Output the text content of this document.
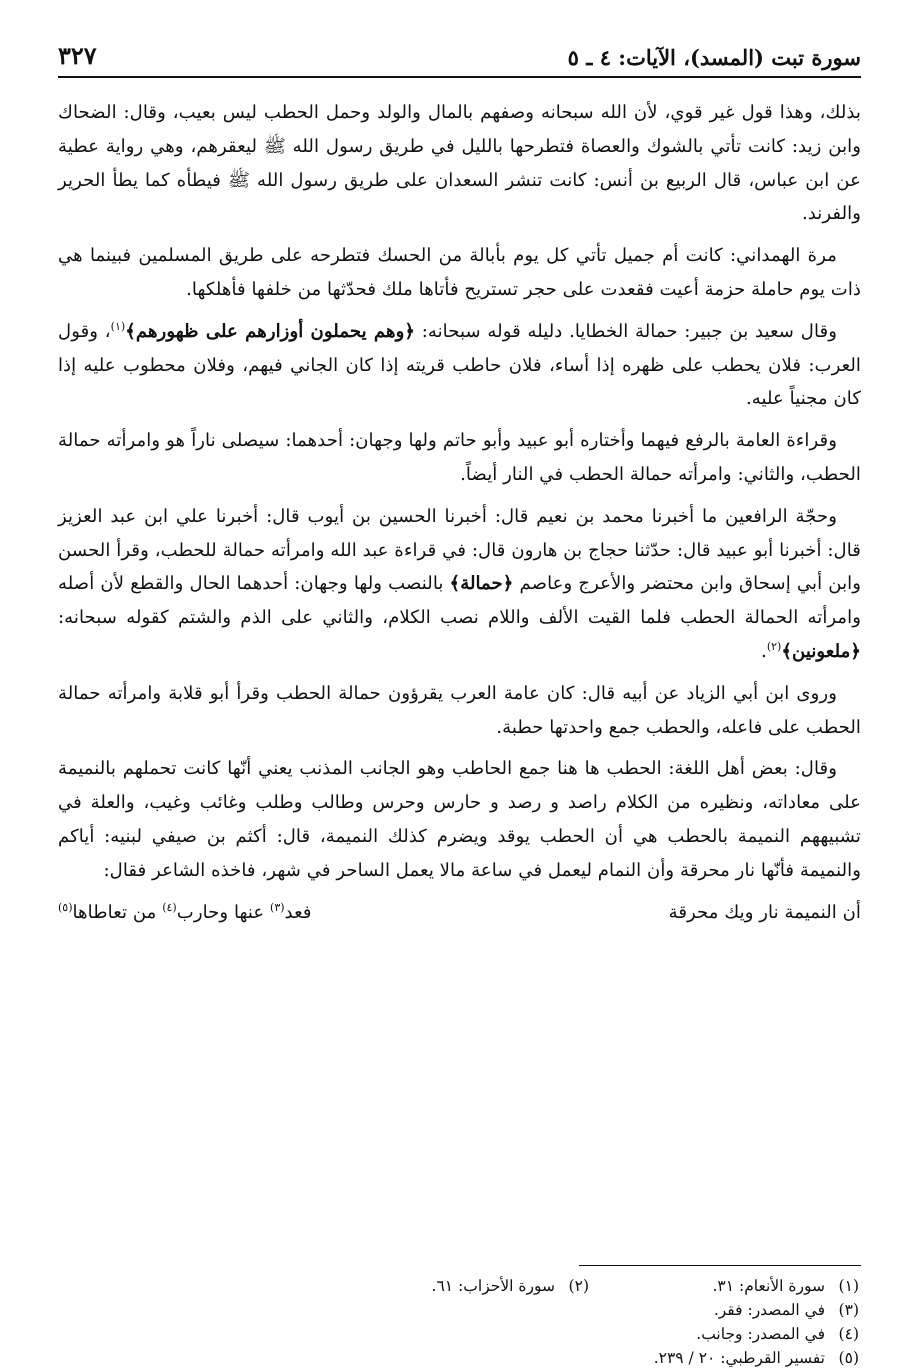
سورة تبت (المسد)، الآيات: ٤ ـ ٥
٣٢٧

بذلك، وهذا قول غير قوي، لأن الله سبحانه وصفهم بالمال والولد وحمل الحطب ليس بعيب، وقال: الضحاك وابن زيد: كانت تأتي بالشوك والعصاة فتطرحها بالليل في طريق رسول الله ﷺ ليعقرهم، وهي رواية عطية عن ابن عباس، قال الربيع بن أنس: كانت تنشر السعدان على طريق رسول الله ﷺ فيطأه كما يطأ الحرير والفرند.

مرة الهمداني: كانت أم جميل تأتي كل يوم بأبالة من الحسك فتطرحه على طريق المسلمين فبينما هي ذات يوم حاملة حزمة أعيت فقعدت على حجر تستريح فأتاها ملك فحدّثها من خلفها فأهلكها.

وقال سعيد بن جبير: حمالة الخطايا. دليله قوله سبحانه: ﴿وهم يحملون أوزارهم على ظهورهم﴾$^{(١)}$، وقول العرب: فلان يحطب على ظهره إذا أساء، فلان حاطب قريته إذا كان الجاني فيهم، وفلان محطوب عليه إذا كان مجنياً عليه.

وقراءة العامة بالرفع فيهما وأختاره أبو عبيد وأبو حاتم ولها وجهان: أحدهما: سيصلى ناراً هو وامرأته حمالة الحطب، والثاني: وامرأته حمالة الحطب في النار أيضاً.

وحجّة الرافعين ما أخبرنا محمد بن نعيم قال: أخبرنا الحسين بن أيوب قال: أخبرنا علي ابن عبد العزيز قال: أخبرنا أبو عبيد قال: حدّثنا حجاج بن هارون قال: في قراءة عبد الله وامرأته حمالة للحطب، وقرأ الحسن وابن أبي إسحاق وابن محتضر والأعرج وعاصم ﴿حمالة﴾ بالنصب ولها وجهان: أحدهما الحال والقطع لأن أصله وامرأته الحمالة الحطب فلما القيت الألف واللام نصب الكلام، والثاني على الذم والشتم كقوله سبحانه: ﴿ملعونين﴾$^{(٢)}$.

وروى ابن أبي الزياد عن أبيه قال: كان عامة العرب يقرؤون حمالة الحطب وقرأ أبو قلابة وامرأته حمالة الحطب على فاعله، والحطب جمع واحدتها حطبة.

وقال: بعض أهل اللغة: الحطب ها هنا جمع الحاطب وهو الجانب المذنب يعني أنّها كانت تحملهم بالنميمة على معاداته، ونظيره من الكلام راصد و رصد و حارس وحرس وطالب وطلب وغائب وغيب، والعلة في تشبيههم النميمة بالحطب هي أن الحطب يوقد ويضرم كذلك النميمة، قال: أكثم بن صيفي لبنيه: أياكم والنميمة فأنّها نار محرقة وأن النمام ليعمل في ساعة مالا يعمل الساحر في شهر، فاخذه الشاعر فقال:

أن النميمة نار ويك محرقة
فعد$^{(٣)}$ عنها وحارب$^{(٤)}$ من تعاطاها$^{(٥)}$
(١)سورة الأنعام: ٣١.
(٢)سورة الأحزاب: ٦١.
(٣)في المصدر: فقر.
(٤)في المصدر: وجانب.
(٥)تفسير القرطبي: ٢٠ / ٢٣٩.
